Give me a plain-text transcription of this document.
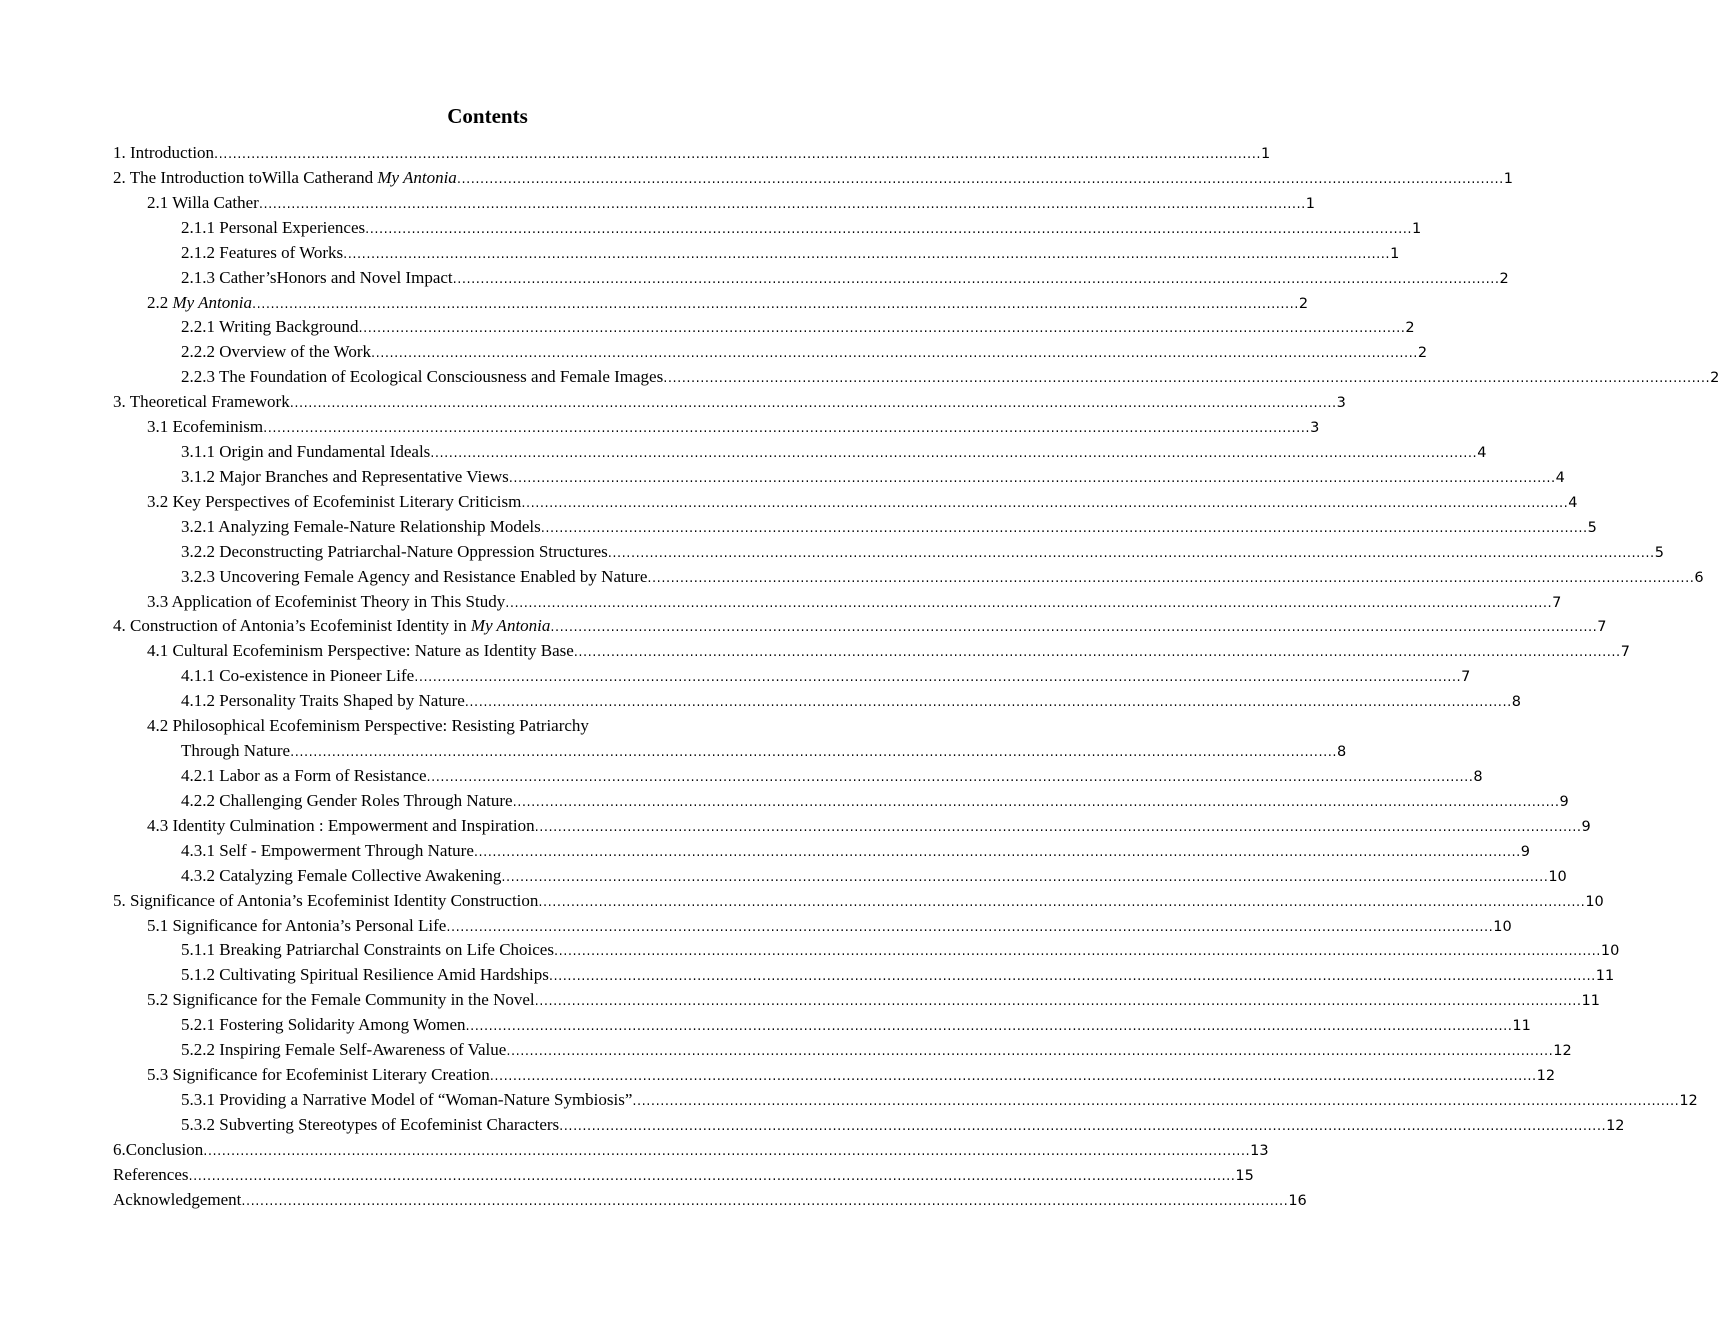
Contents
1. Introduction .................................................................................................................................................................................................................................. 1
2. The Introduction toWilla Catherand My Antonia .................................................................................................................................................................................................................................. 1
2.1 Willa Cather .................................................................................................................................................................................................................................. 1
2.1.1 Personal Experiences .................................................................................................................................................................................................................................. 1
2.1.2 Features of Works .................................................................................................................................................................................................................................. 1
2.1.3 Cather’sHonors and Novel Impact .................................................................................................................................................................................................................................. 2
2.2 My Antonia .................................................................................................................................................................................................................................. 2
2.2.1 Writing Background .................................................................................................................................................................................................................................. 2
2.2.2 Overview of the Work .................................................................................................................................................................................................................................. 2
2.2.3 The Foundation of Ecological Consciousness and Female Images .................................................................................................................................................................................................................................. 2
3. Theoretical Framework .................................................................................................................................................................................................................................. 3
3.1 Ecofeminism .................................................................................................................................................................................................................................. 3
3.1.1 Origin and Fundamental Ideals .................................................................................................................................................................................................................................. 4
3.1.2 Major Branches and Representative Views .................................................................................................................................................................................................................................. 4
3.2 Key Perspectives of Ecofeminist Literary Criticism .................................................................................................................................................................................................................................. 4
3.2.1 Analyzing Female-Nature Relationship Models .................................................................................................................................................................................................................................. 5
3.2.2 Deconstructing Patriarchal-Nature Oppression Structures .................................................................................................................................................................................................................................. 5
3.2.3 Uncovering Female Agency and Resistance Enabled by Nature .................................................................................................................................................................................................................................. 6
3.3 Application of Ecofeminist Theory in This Study .................................................................................................................................................................................................................................. 7
4. Construction of Antonia’s Ecofeminist Identity in My Antonia .................................................................................................................................................................................................................................. 7
4.1 Cultural Ecofeminism Perspective: Nature as Identity Base .................................................................................................................................................................................................................................. 7
4.1.1 Co-existence in Pioneer Life .................................................................................................................................................................................................................................. 7
4.1.2 Personality Traits Shaped by Nature .................................................................................................................................................................................................................................. 8
4.2 Philosophical Ecofeminism Perspective: Resisting Patriarchy
Through Nature .................................................................................................................................................................................................................................. 8
4.2.1 Labor as a Form of Resistance .................................................................................................................................................................................................................................. 8
4.2.2 Challenging Gender Roles Through Nature .................................................................................................................................................................................................................................. 9
4.3 Identity Culmination : Empowerment and Inspiration .................................................................................................................................................................................................................................. 9
4.3.1 Self - Empowerment Through Nature .................................................................................................................................................................................................................................. 9
4.3.2 Catalyzing Female Collective Awakening .................................................................................................................................................................................................................................. 10
5. Significance of Antonia’s Ecofeminist Identity Construction .................................................................................................................................................................................................................................. 10
5.1 Significance for Antonia’s Personal Life .................................................................................................................................................................................................................................. 10
5.1.1 Breaking Patriarchal Constraints on Life Choices .................................................................................................................................................................................................................................. 10
5.1.2 Cultivating Spiritual Resilience Amid Hardships .................................................................................................................................................................................................................................. 11
5.2 Significance for the Female Community in the Novel .................................................................................................................................................................................................................................. 11
5.2.1 Fostering Solidarity Among Women .................................................................................................................................................................................................................................. 11
5.2.2 Inspiring Female Self-Awareness of Value .................................................................................................................................................................................................................................. 12
5.3 Significance for Ecofeminist Literary Creation .................................................................................................................................................................................................................................. 12
5.3.1 Providing a Narrative Model of “Woman-Nature Symbiosis” .................................................................................................................................................................................................................................. 12
5.3.2 Subverting Stereotypes of Ecofeminist Characters .................................................................................................................................................................................................................................. 12
6.Conclusion .................................................................................................................................................................................................................................. 13
References .................................................................................................................................................................................................................................. 15
Acknowledgement .................................................................................................................................................................................................................................. 16
